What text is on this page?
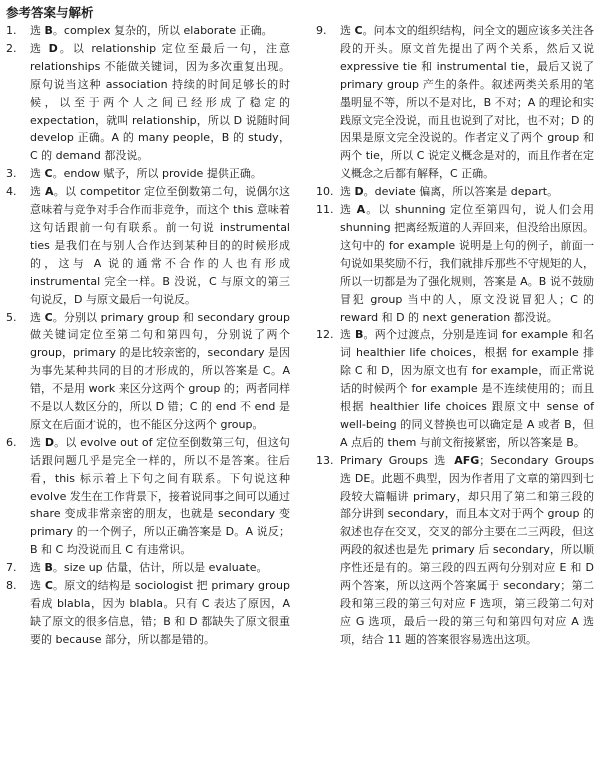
参考答案与解析
1.	选 B。complex 复杂的，所以 elaborate 正确。
2.	选 D。以 relationship 定位至最后一句，注意 relationships 不能做关键词，因为多次重复出现。原句说当这种 association 持续的时间足够长的时候，以至于两个人之间已经形成了稳定的 expectation，就叫 relationship，所以 D 说随时间 develop 正确。A 的 many people，B 的 study，C 的 demand 都没说。
3.	选 C。endow 赋予，所以 provide 提供正确。
4.	选 A。以 competitor 定位至倒数第二句，说偶尔这意味着与竞争对手合作而非竞争，而这个 this 意味着这句话跟前一句有联系。前一句说 instrumental ties 是我们在与别人合作达到某种目的的时候形成的，这与 A 说的通常不合作的人也有形成 instrumental 完全一样。B 没说，C 与原文的第三句说反，D 与原文最后一句说反。
5.	选 C。分别以 primary group 和 secondary group 做关键词定位至第二句和第四句，分别说了两个 group，primary 的是比较亲密的，secondary 是因为事先某种共同的目的才形成的，所以答案是 C。A 错，不是用 work 来区分这两个 group 的；两者同样不是以人数区分的，所以 D 错；C 的 end 不 end 是原文在后面才说的，也不能区分这两个 group。
6.	选 D。以 evolve out of 定位至倒数第三句，但这句话跟问题几乎是完全一样的，所以不是答案。往后看，this 标示着上下句之间有联系。下句说这种 evolve 发生在工作背景下，接着说同事之间可以通过 share 变成非常亲密的朋友，也就是 secondary 变 primary 的一个例子，所以正确答案是 D。A 说反；B 和 C 均没说而且 C 有违常识。
7.	选 B。size up 估量，估计，所以是 evaluate。
8.	选 C。原文的结构是 sociologist 把 primary group 看成 blabla，因为 blabla。只有 C 表达了原因，A 缺了原文的很多信息，错；B 和 D 都缺失了原文很重要的 because 部分，所以都是错的。
9.	选 C。问本文的组织结构，问全文的题应该多关注各段的开头。原文首先提出了两个关系，然后又说 expressive tie 和 instrumental tie，最后又说了 primary group 产生的条件。叙述两类关系用的笔墨明显不等，所以不是对比，B 不对；A 的理论和实践原文完全没说，而且也说到了对比，也不对；D 的因果是原文完全没说的。作者定义了两个 group 和两个 tie，所以 C 说定义概念是对的，而且作者在定义概念之后都有解释，C 正确。
10. 选 D。deviate 偏离，所以答案是 depart。
11. 选 A。以 shunning 定位至第四句，说人们会用 shunning 把离经叛道的人弄回来，但没给出原因。这句中的 for example 说明是上句的例子，前面一句说如果奖励不行，我们就排斥那些不守规矩的人，所以一切都是为了强化规则，答案是 A。B 说不鼓励冒犯 group 当中的人，原文没说冒犯人；C 的 reward 和 D 的 next generation 都没说。
12. 选 B。两个过渡点，分别是连词 for example 和名词 healthier life choices，根据 for example 排除 C 和 D，因为原文也有 for example，而正常说话的时候两个 for example 是不连续使用的；而且根据 healthier life choices 跟原文中 sense of well-being 的同义替换也可以确定是 A 或者 B，但 A 点后的 them 与前文衔接紧密，所以答案是 B。
13. Primary Groups 选 AFG；Secondary Groups 选 DE。此题不典型，因为作者用了文章的第四到七段较大篇幅讲 primary，却只用了第二和第三段的部分讲到 secondary，而且本文对于两个 group 的叙述也存在交叉，交叉的部分主要在二三两段，但这两段的叙述也是先 primary 后 secondary，所以顺序性还是有的。第三段的四五两句分别对应 E 和 D 两个答案，所以这两个答案属于 secondary；第二段和第三段的第三句对应 F 选项，第三段第二句对应 G 选项，最后一段的第三句和第四句对应 A 选项，结合 11 题的答案很容易选出这项。
